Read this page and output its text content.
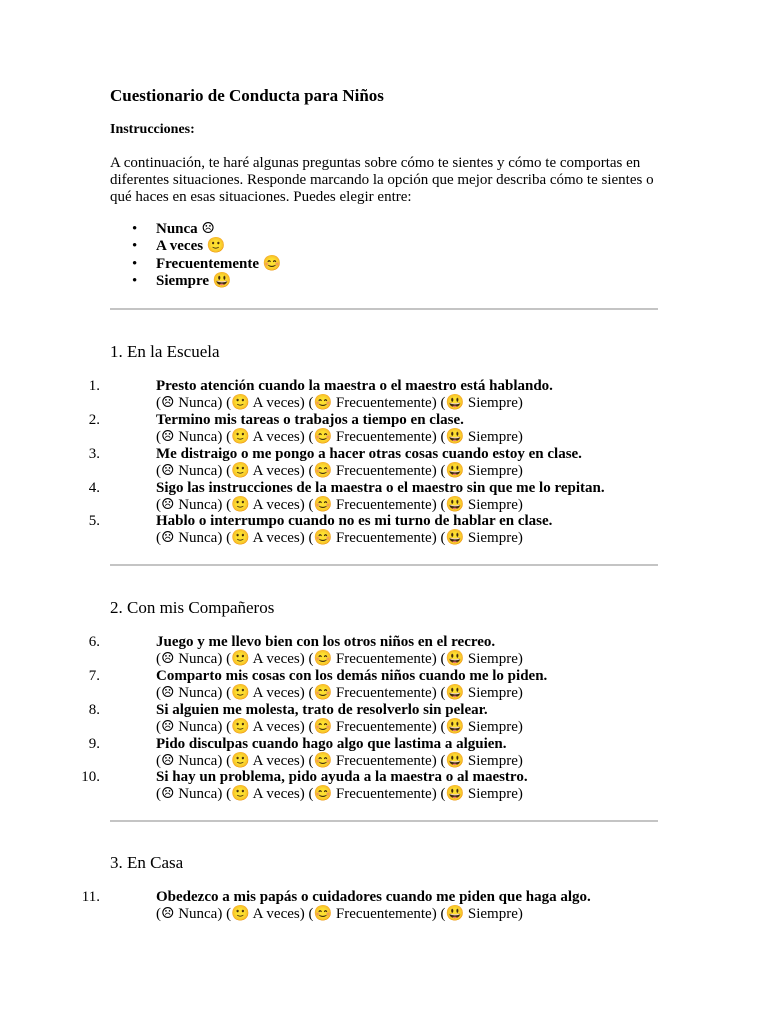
Cuestionario de Conducta para Niños
Instrucciones:
A continuación, te haré algunas preguntas sobre cómo te sientes y cómo te comportas en diferentes situaciones. Responde marcando la opción que mejor describa cómo te sientes o qué haces en esas situaciones. Puedes elegir entre:
• Nunca ☹
• A veces 🙂
• Frecuentemente 😊
• Siempre 😃
1. En la Escuela
1.	Presto atención cuando la maestra o el maestro está hablando.
(☹ Nunca) (🙂 A veces) (😊 Frecuentemente) (😃 Siempre)
2.	Termino mis tareas o trabajos a tiempo en clase.
(☹ Nunca) (🙂 A veces) (😊 Frecuentemente) (😃 Siempre)
3.	Me distraigo o me pongo a hacer otras cosas cuando estoy en clase.
(☹ Nunca) (🙂 A veces) (😊 Frecuentemente) (😃 Siempre)
4.	Sigo las instrucciones de la maestra o el maestro sin que me lo repitan.
(☹ Nunca) (🙂 A veces) (😊 Frecuentemente) (😃 Siempre)
5.	Hablo o interrumpo cuando no es mi turno de hablar en clase.
(☹ Nunca) (🙂 A veces) (😊 Frecuentemente) (😃 Siempre)
2. Con mis Compañeros
6.	Juego y me llevo bien con los otros niños en el recreo.
(☹ Nunca) (🙂 A veces) (😊 Frecuentemente) (😃 Siempre)
7.	Comparto mis cosas con los demás niños cuando me lo piden.
(☹ Nunca) (🙂 A veces) (😊 Frecuentemente) (😃 Siempre)
8.	Si alguien me molesta, trato de resolverlo sin pelear.
(☹ Nunca) (🙂 A veces) (😊 Frecuentemente) (😃 Siempre)
9.	Pido disculpas cuando hago algo que lastima a alguien.
(☹ Nunca) (🙂 A veces) (😊 Frecuentemente) (😃 Siempre)
10.	Si hay un problema, pido ayuda a la maestra o al maestro.
(☹ Nunca) (🙂 A veces) (😊 Frecuentemente) (😃 Siempre)
3. En Casa
11.	Obedezco a mis papás o cuidadores cuando me piden que haga algo.
(☹ Nunca) (🙂 A veces) (😊 Frecuentemente) (😃 Siempre)
